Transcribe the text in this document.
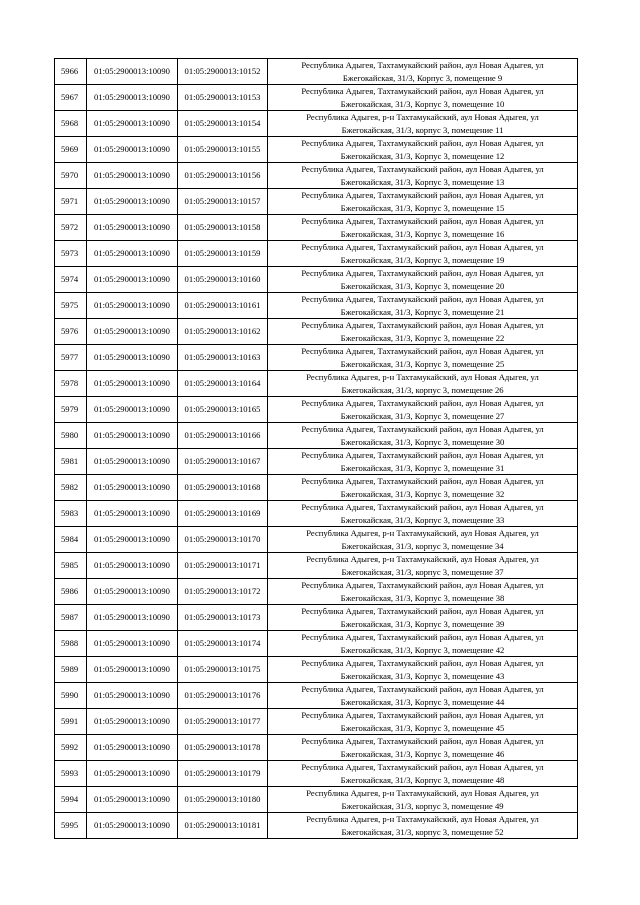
5966	01:05:2900013:10090	01:05:2900013:10152	Республика Адыгея, Тахтамукайский район, аул Новая Адыгея, ул
Бжегокайская, 31/3, Корпус 3, помещение 9

5967	01:05:2900013:10090	01:05:2900013:10153	Республика Адыгея, Тахтамукайский район, аул Новая Адыгея, ул
Бжегокайская, 31/3, Корпус 3, помещение 10

5968	01:05:2900013:10090	01:05:2900013:10154	Республика Адыгея, р-н Тахтамукайский, аул Новая Адыгея, ул
Бжегокайская, 31/3, корпус 3, помещение 11

5969	01:05:2900013:10090	01:05:2900013:10155	Республика Адыгея, Тахтамукайский район, аул Новая Адыгея, ул
Бжегокайская, 31/3, Корпус 3, помещение 12

5970	01:05:2900013:10090	01:05:2900013:10156	Республика Адыгея, Тахтамукайский район, аул Новая Адыгея, ул
Бжегокайская, 31/3, Корпус 3, помещение 13

5971	01:05:2900013:10090	01:05:2900013:10157	Республика Адыгея, Тахтамукайский район, аул Новая Адыгея, ул
Бжегокайская, 31/3, Корпус 3, помещение 15

5972	01:05:2900013:10090	01:05:2900013:10158	Республика Адыгея, Тахтамукайский район, аул Новая Адыгея, ул
Бжегокайская, 31/3, Корпус 3, помещение 16

5973	01:05:2900013:10090	01:05:2900013:10159	Республика Адыгея, Тахтамукайский район, аул Новая Адыгея, ул
Бжегокайская, 31/3, Корпус 3, помещение 19

5974	01:05:2900013:10090	01:05:2900013:10160	Республика Адыгея, Тахтамукайский район, аул Новая Адыгея, ул
Бжегокайская, 31/3, Корпус 3, помещение 20

5975	01:05:2900013:10090	01:05:2900013:10161	Республика Адыгея, Тахтамукайский район, аул Новая Адыгея, ул
Бжегокайская, 31/3, Корпус 3, помещение 21

5976	01:05:2900013:10090	01:05:2900013:10162	Республика Адыгея, Тахтамукайский район, аул Новая Адыгея, ул
Бжегокайская, 31/3, Корпус 3, помещение 22

5977	01:05:2900013:10090	01:05:2900013:10163	Республика Адыгея, Тахтамукайский район, аул Новая Адыгея, ул
Бжегокайская, 31/3, Корпус 3, помещение 25

5978	01:05:2900013:10090	01:05:2900013:10164	Республика Адыгея, р-н Тахтамукайский, аул Новая Адыгея, ул
Бжегокайская, 31/3, корпус 3, помещение 26

5979	01:05:2900013:10090	01:05:2900013:10165	Республика Адыгея, Тахтамукайский район, аул Новая Адыгея, ул
Бжегокайская, 31/3, Корпус 3, помещение 27

5980	01:05:2900013:10090	01:05:2900013:10166	Республика Адыгея, Тахтамукайский район, аул Новая Адыгея, ул
Бжегокайская, 31/3, Корпус 3, помещение 30

5981	01:05:2900013:10090	01:05:2900013:10167	Республика Адыгея, Тахтамукайский район, аул Новая Адыгея, ул
Бжегокайская, 31/3, Корпус 3, помещение 31

5982	01:05:2900013:10090	01:05:2900013:10168	Республика Адыгея, Тахтамукайский район, аул Новая Адыгея, ул
Бжегокайская, 31/3, Корпус 3, помещение 32

5983	01:05:2900013:10090	01:05:2900013:10169	Республика Адыгея, Тахтамукайский район, аул Новая Адыгея, ул
Бжегокайская, 31/3, Корпус 3, помещение 33

5984	01:05:2900013:10090	01:05:2900013:10170	Республика Адыгея, р-н Тахтамукайский, аул Новая Адыгея, ул
Бжегокайская, 31/3, корпус 3, помещение 34

5985	01:05:2900013:10090	01:05:2900013:10171	Республика Адыгея, р-н Тахтамукайский, аул Новая Адыгея, ул
Бжегокайская, 31/3, корпус 3, помещение 37

5986	01:05:2900013:10090	01:05:2900013:10172	Республика Адыгея, Тахтамукайский район, аул Новая Адыгея, ул
Бжегокайская, 31/3, Корпус 3, помещение 38

5987	01:05:2900013:10090	01:05:2900013:10173	Республика Адыгея, Тахтамукайский район, аул Новая Адыгея, ул
Бжегокайская, 31/3, Корпус 3, помещение 39

5988	01:05:2900013:10090	01:05:2900013:10174	Республика Адыгея, Тахтамукайский район, аул Новая Адыгея, ул
Бжегокайская, 31/3, Корпус 3, помещение 42

5989	01:05:2900013:10090	01:05:2900013:10175	Республика Адыгея, Тахтамукайский район, аул Новая Адыгея, ул
Бжегокайская, 31/3, Корпус 3, помещение 43

5990	01:05:2900013:10090	01:05:2900013:10176	Республика Адыгея, Тахтамукайский район, аул Новая Адыгея, ул
Бжегокайская, 31/3, Корпус 3, помещение 44

5991	01:05:2900013:10090	01:05:2900013:10177	Республика Адыгея, Тахтамукайский район, аул Новая Адыгея, ул
Бжегокайская, 31/3, Корпус 3, помещение 45

5992	01:05:2900013:10090	01:05:2900013:10178	Республика Адыгея, Тахтамукайский район, аул Новая Адыгея, ул
Бжегокайская, 31/3, Корпус 3, помещение 46

5993	01:05:2900013:10090	01:05:2900013:10179	Республика Адыгея, Тахтамукайский район, аул Новая Адыгея, ул
Бжегокайская, 31/3, Корпус 3, помещение 48

5994	01:05:2900013:10090	01:05:2900013:10180	Республика Адыгея, р-н Тахтамукайский, аул Новая Адыгея, ул
Бжегокайская, 31/3, корпус 3, помещение 49

5995	01:05:2900013:10090	01:05:2900013:10181	Республика Адыгея, р-н Тахтамукайский, аул Новая Адыгея, ул
Бжегокайская, 31/3, корпус 3, помещение 52
